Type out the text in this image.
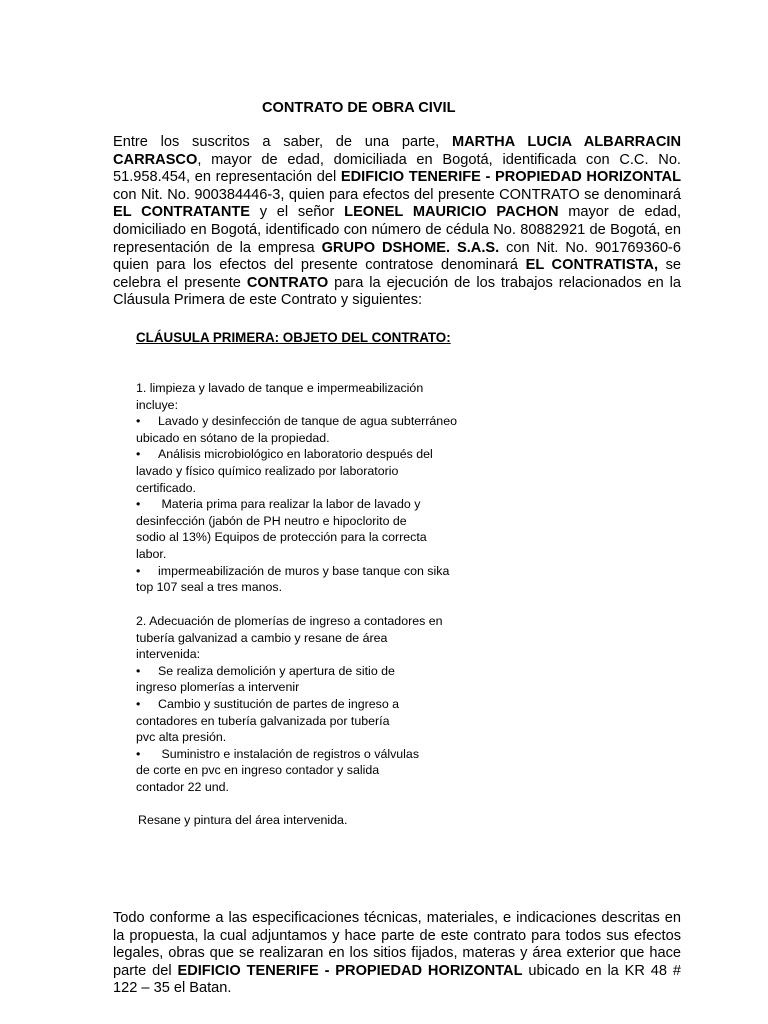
CONTRATO DE OBRA CIVIL

Entre los suscritos a saber, de una parte, MARTHA LUCIA ALBARRACIN CARRASCO, mayor de edad, domiciliada en Bogotá, identificada con C.C. No. 51.958.454, en representación del EDIFICIO TENERIFE - PROPIEDAD HORIZONTAL con Nit. No. 900384446-3, quien para efectos del presente CONTRATO se denominará EL CONTRATANTE y el señor LEONEL MAURICIO PACHON mayor de edad, domiciliado en Bogotá, identificado con número de cédula No. 80882921 de Bogotá, en representación de la empresa GRUPO DSHOME. S.A.S. con Nit. No. 901769360-6 quien para los efectos del presente contratose denominará EL CONTRATISTA, se celebra el presente CONTRATO para la ejecución de los trabajos relacionados en la Cláusula Primera de este Contrato y siguientes:

CLÁUSULA PRIMERA: OBJETO DEL CONTRATO:

1. limpieza y lavado de tanque e impermeabilización
incluye:
• Lavado y desinfección de tanque de agua subterráneo
ubicado en sótano de la propiedad.
• Análisis microbiológico en laboratorio después del
lavado y físico químico realizado por laboratorio
certificado.
• Materia prima para realizar la labor de lavado y
desinfección (jabón de PH neutro e hipoclorito de
sodio al 13%) Equipos de protección para la correcta
labor.
• impermeabilización de muros y base tanque con sika
top 107 seal a tres manos.
2. Adecuación de plomerías de ingreso a contadores en
tubería galvanizad a cambio y resane de área
intervenida:
• Se realiza demolición y apertura de sitio de
ingreso plomerías a intervenir
• Cambio y sustitución de partes de ingreso a
contadores en tubería galvanizada por tubería
pvc alta presión.
• Suministro e instalación de registros o válvulas
de corte en pvc en ingreso contador y salida
contador 22 und.

Resane y pintura del área intervenida.

Todo conforme a las especificaciones técnicas, materiales, e indicaciones descritas en la propuesta, la cual adjuntamos y hace parte de este contrato para todos sus efectos legales, obras que se realizaran en los sitios fijados, materas y área exterior que hace parte del EDIFICIO TENERIFE - PROPIEDAD HORIZONTAL ubicado en la KR 48 # 122 – 35 el Batan.
